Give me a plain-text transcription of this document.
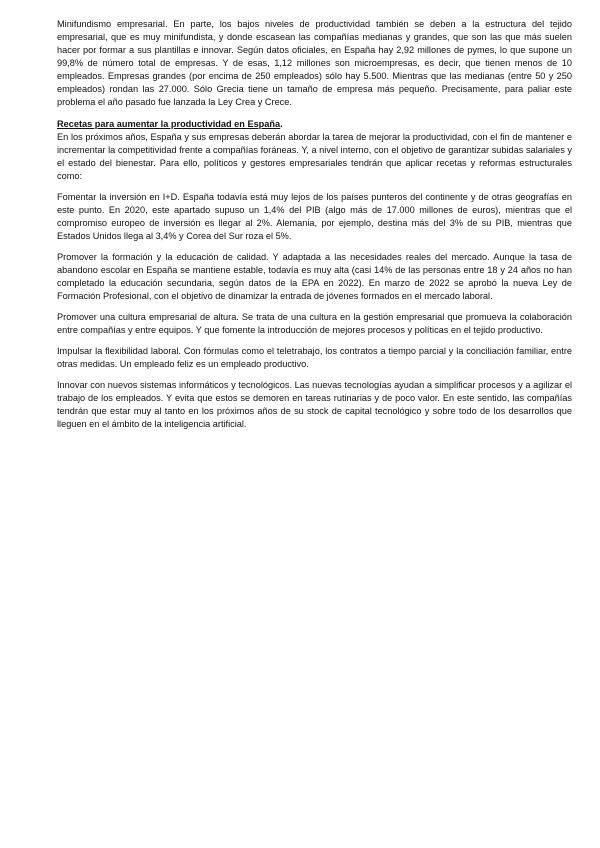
Minifundismo empresarial. En parte, los bajos niveles de productividad también se deben a la estructura del tejido empresarial, que es muy minifundista, y donde escasean las compañías medianas y grandes, que son las que más suelen hacer por formar a sus plantillas e innovar. Según datos oficiales, en España hay 2,92 millones de pymes, lo que supone un 99,8% de número total de empresas. Y de esas, 1,12 millones son microempresas, es decir, que tienen menos de 10 empleados. Empresas grandes (por encima de 250 empleados) sólo hay 5.500. Mientras que las medianas (entre 50 y 250 empleados) rondan las 27.000. Sólo Grecia tiene un tamaño de empresa más pequeño. Precisamente, para paliar este problema el año pasado fue lanzada la Ley Crea y Crece.

Recetas para aumentar la productividad en España.

En los próximos años, España y sus empresas deberán abordar la tarea de mejorar la productividad, con el fin de mantener e incrementar la competitividad frente a compañías foráneas. Y, a nivel interno, con el objetivo de garantizar subidas salariales y el estado del bienestar. Para ello, políticos y gestores empresariales tendrán que aplicar recetas y reformas estructurales como:

Fomentar la inversión en I+D. España todavía está muy lejos de los países punteros del continente y de otras geografías en este punto. En 2020, este apartado supuso un 1,4% del PIB (algo más de 17.000 millones de euros), mientras que el compromiso europeo de inversión es llegar al 2%. Alemania, por ejemplo, destina más del 3% de su PIB, mientras que Estados Unidos llega al 3,4% y Corea del Sur roza el 5%.

Promover la formación y la educación de calidad. Y adaptada a las necesidades reales del mercado. Aunque la tasa de abandono escolar en España se mantiene estable, todavía es muy alta (casi 14% de las personas entre 18 y 24 años no han completado la educación secundaria, según datos de la EPA en 2022). En marzo de 2022 se aprobó la nueva Ley de Formación Profesional, con el objetivo de dinamizar la entrada de jóvenes formados en el mercado laboral.

Promover una cultura empresarial de altura. Se trata de una cultura en la gestión empresarial que promueva la colaboración entre compañías y entre equipos. Y que fomente la introducción de mejores procesos y políticas en el tejido productivo.

Impulsar la flexibilidad laboral. Con fórmulas como el teletrabajo, los contratos a tiempo parcial y la conciliación familiar, entre otras medidas. Un empleado feliz es un empleado productivo.

Innovar con nuevos sistemas informáticos y tecnológicos. Las nuevas tecnologías ayudan a simplificar procesos y a agilizar el trabajo de los empleados. Y evita que estos se demoren en tareas rutinarias y de poco valor. En este sentido, las compañías tendrán que estar muy al tanto en los próximos años de su stock de capital tecnológico y sobre todo de los desarrollos que lleguen en el ámbito de la inteligencia artificial.
